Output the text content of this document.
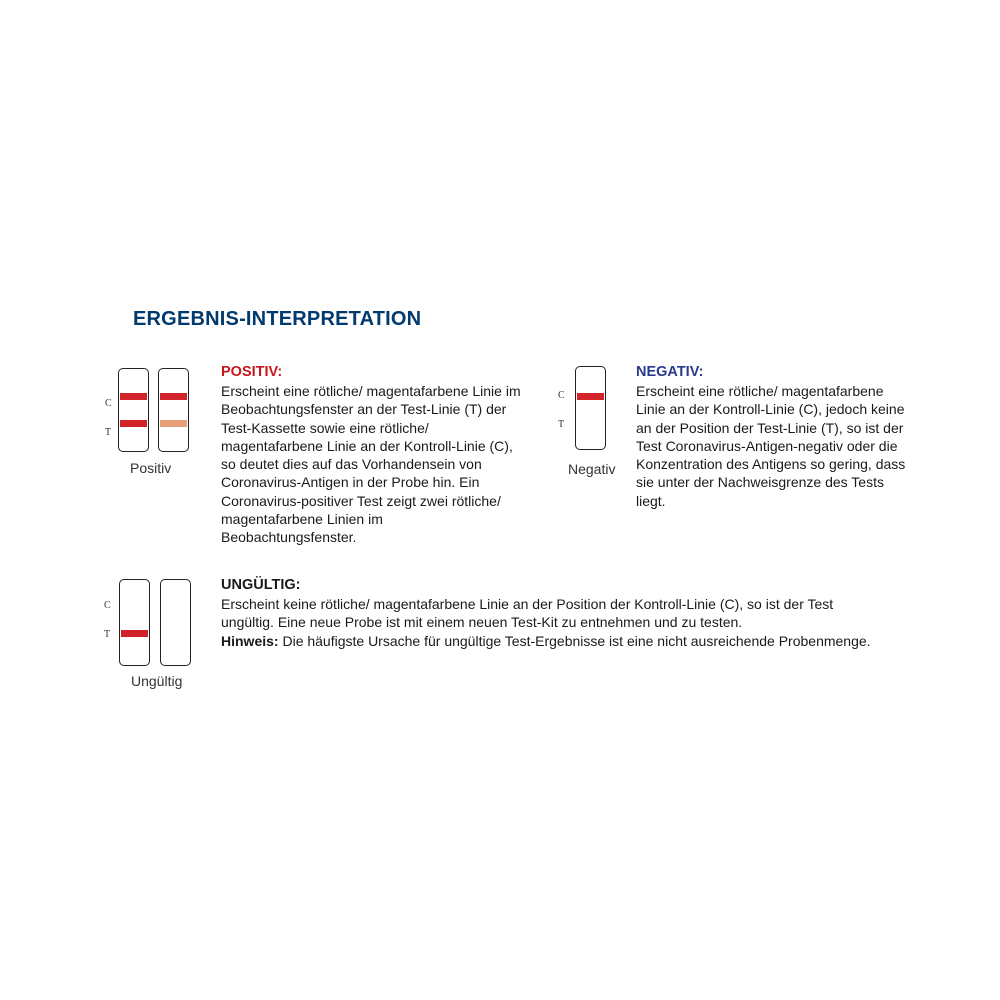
ERGEBNIS-INTERPRETATION
C
T
Positiv
POSITIV:

Erscheint eine rötliche/ magentafarbene Linie im Beobachtungsfenster an der Test-Linie (T) der Test-Kassette sowie eine rötliche/ magentafarbene Linie an der Kontroll-Linie (C), so deutet dies auf das Vorhandensein von Coronavirus-Antigen in der Probe hin. Ein Coronavirus-positiver Test zeigt zwei rötliche/ magentafarbene Linien im Beobachtungsfenster.

C
T
Negativ
NEGATIV:

Erscheint eine rötliche/ magentafarbene Linie an der Kontroll-Linie (C), jedoch keine an der Position der Test-Linie (T), so ist der Test Coronavirus-Antigen-negativ oder die Konzentration des Antigens so gering, dass sie unter der Nachweisgrenze des Tests liegt.

C
T
Ungültig
UNGÜLTIG:

Erscheint keine rötliche/ magentafarbene Linie an der Position der Kontroll-Linie (C), so ist der Test ungültig. Eine neue Probe ist mit einem neuen Test-Kit zu entnehmen und zu testen.

Hinweis: Die häufigste Ursache für ungültige Test-Ergebnisse ist eine nicht ausreichende Probenmenge.
